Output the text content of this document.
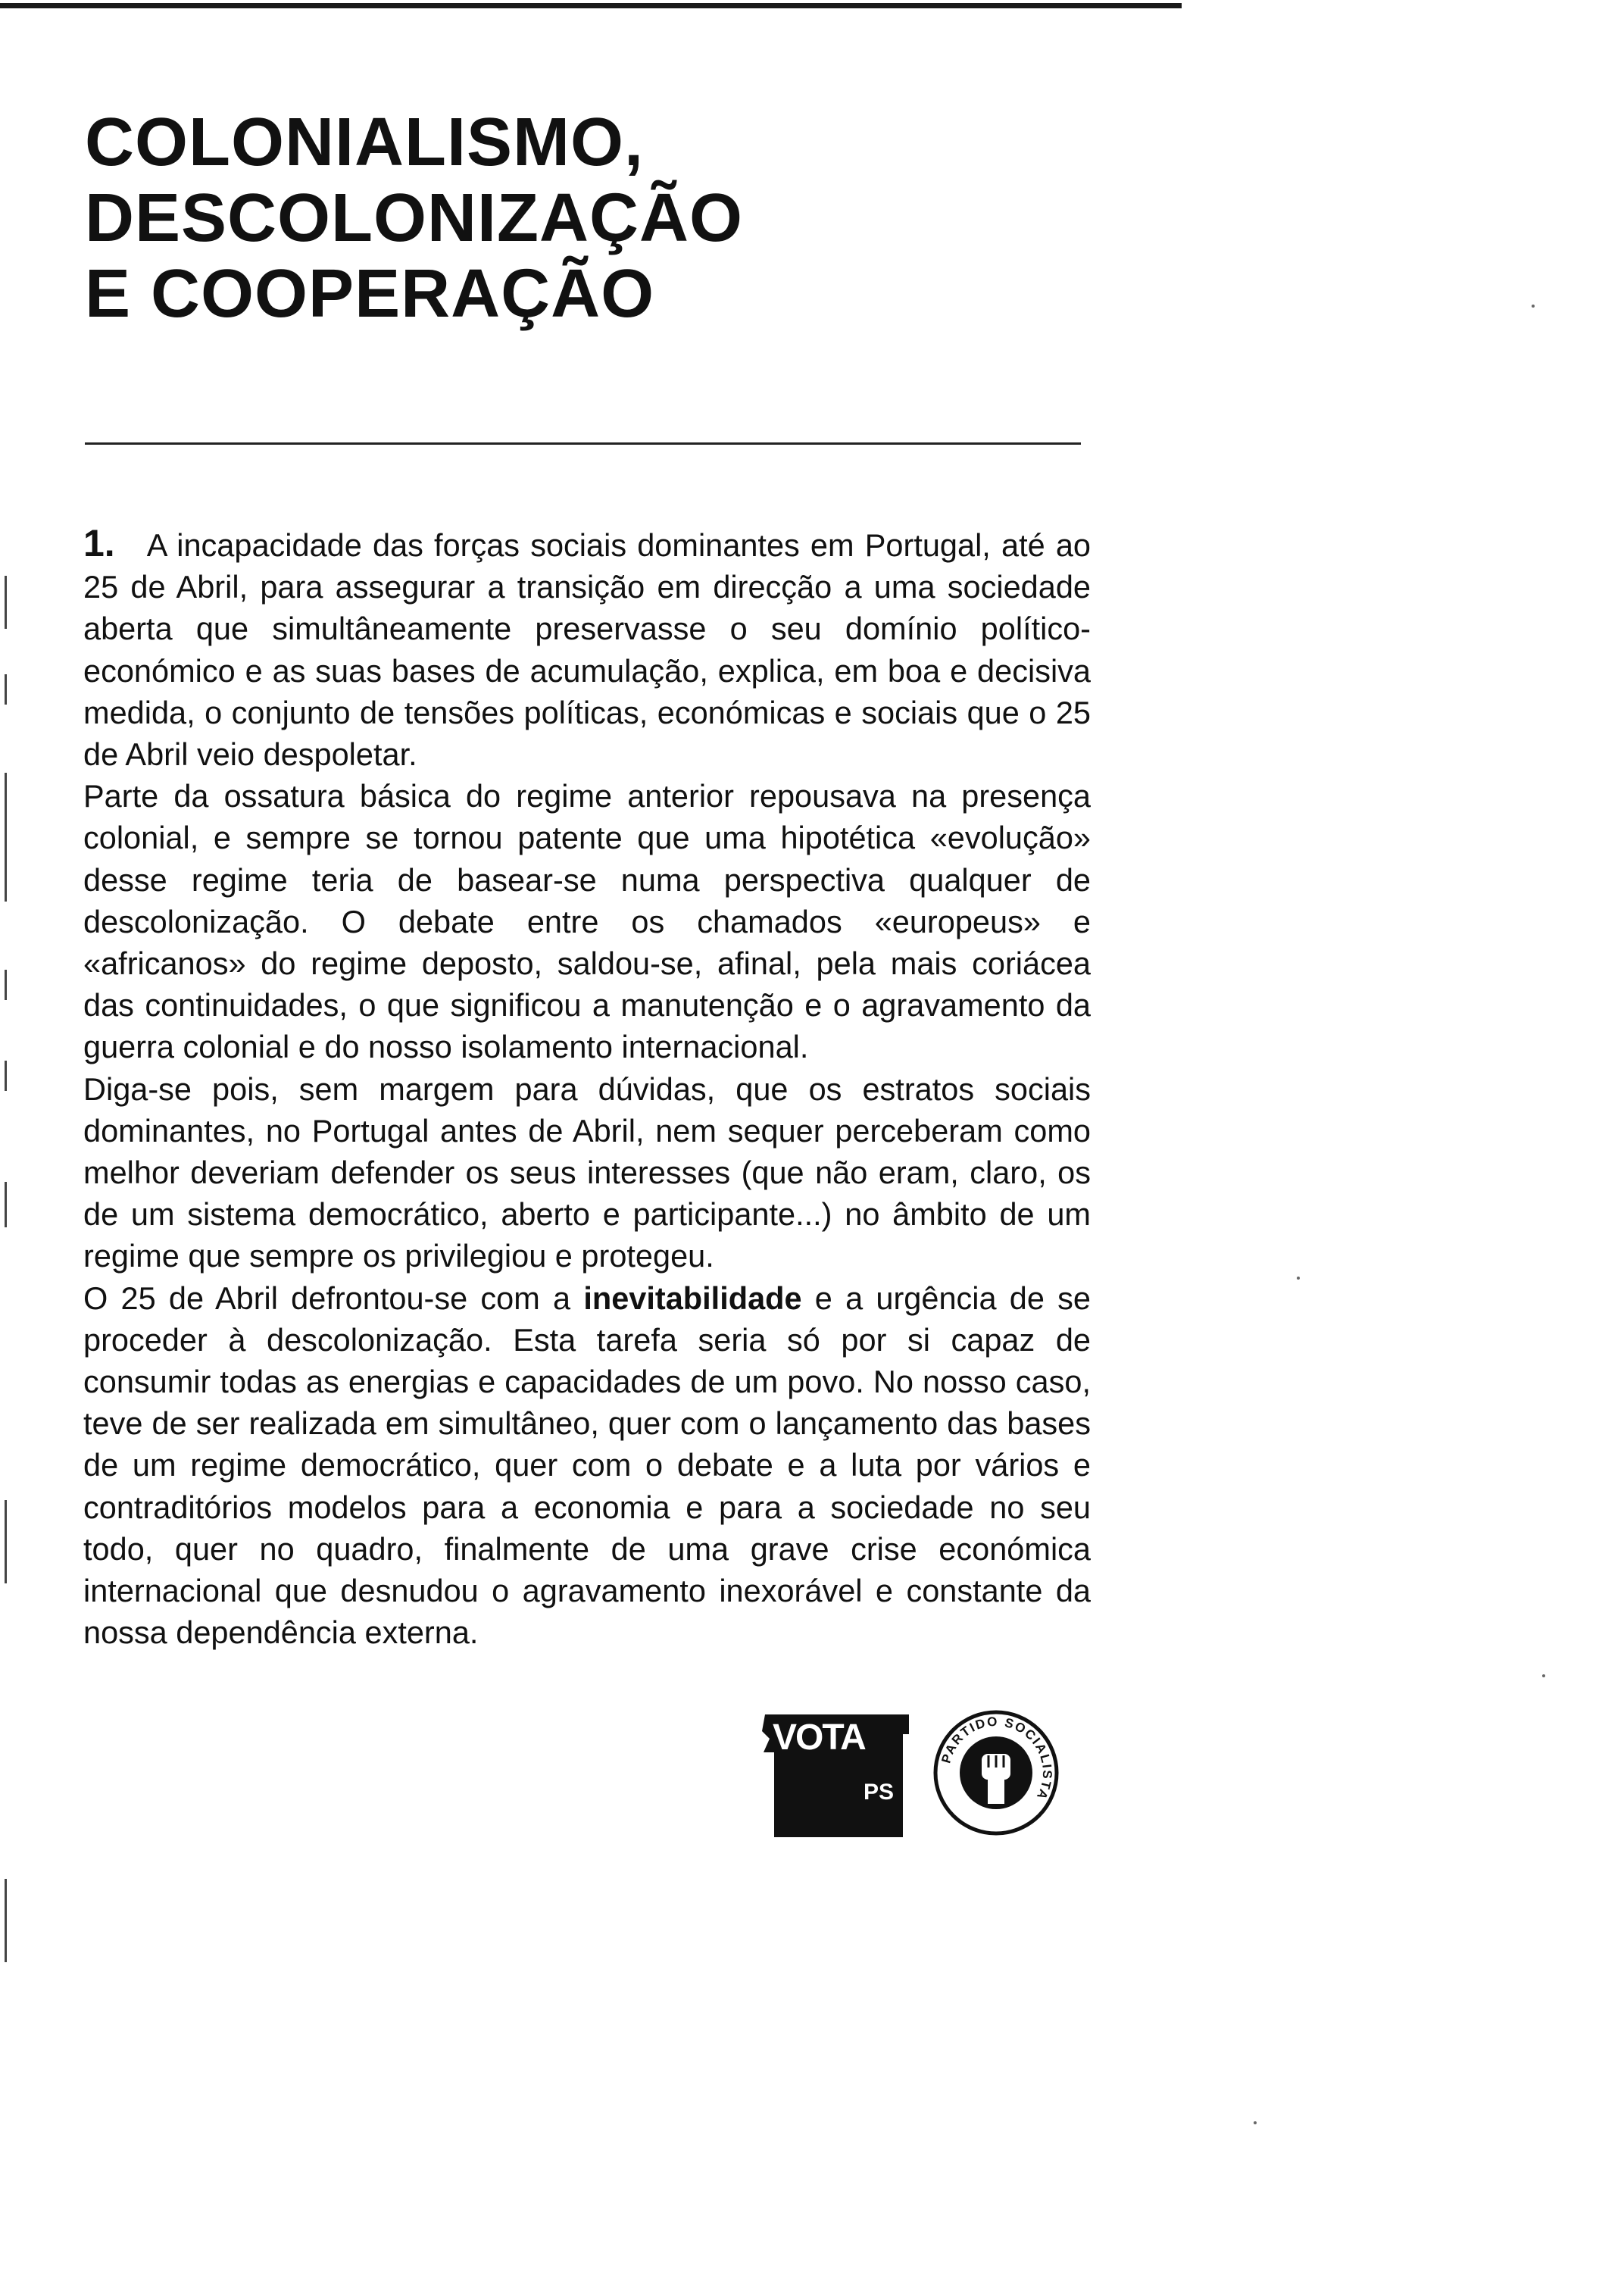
COLONIALISMO,
DESCOLONIZAÇÃO
E COOPERAÇÃO

1. A incapacidade das forças sociais dominantes em Portugal, até ao 25 de Abril, para assegurar a transição em direcção a uma sociedade aberta que simultâneamente preservasse o seu domínio político-económico e as suas bases de acumulação, explica, em boa e decisiva medida, o conjunto de tensões políticas, económicas e sociais que o 25 de Abril veio despoletar.

Parte da ossatura básica do regime anterior repousava na presença colonial, e sempre se tornou patente que uma hipotética «evolução» desse regime teria de basear-se numa perspectiva qualquer de descolonização. O debate entre os chamados «europeus» e «africanos» do regime deposto, saldou-se, afinal, pela mais coriácea das continuidades, o que significou a manutenção e o agravamento da guerra colonial e do nosso isolamento internacional.

Diga-se pois, sem margem para dúvidas, que os estratos sociais dominantes, no Portugal antes de Abril, nem sequer perceberam como melhor deveriam defender os seus interesses (que não eram, claro, os de um sistema democrático, aberto e participante...) no âmbito de um regime que sempre os privilegiou e protegeu.

O 25 de Abril defrontou-se com a inevitabilidade e a urgência de se proceder à descolonização. Esta tarefa seria só por si capaz de consumir todas as energias e capacidades de um povo. No nosso caso, teve de ser realizada em simultâneo, quer com o lançamento das bases de um regime democrático, quer com o debate e a luta por vários e contraditórios modelos para a economia e para a sociedade no seu todo, quer no quadro, finalmente de uma grave crise económica internacional que desnudou o agravamento inexorável e constante da nossa dependência externa.

VOTA
PS
PARTIDO SOCIALISTA
